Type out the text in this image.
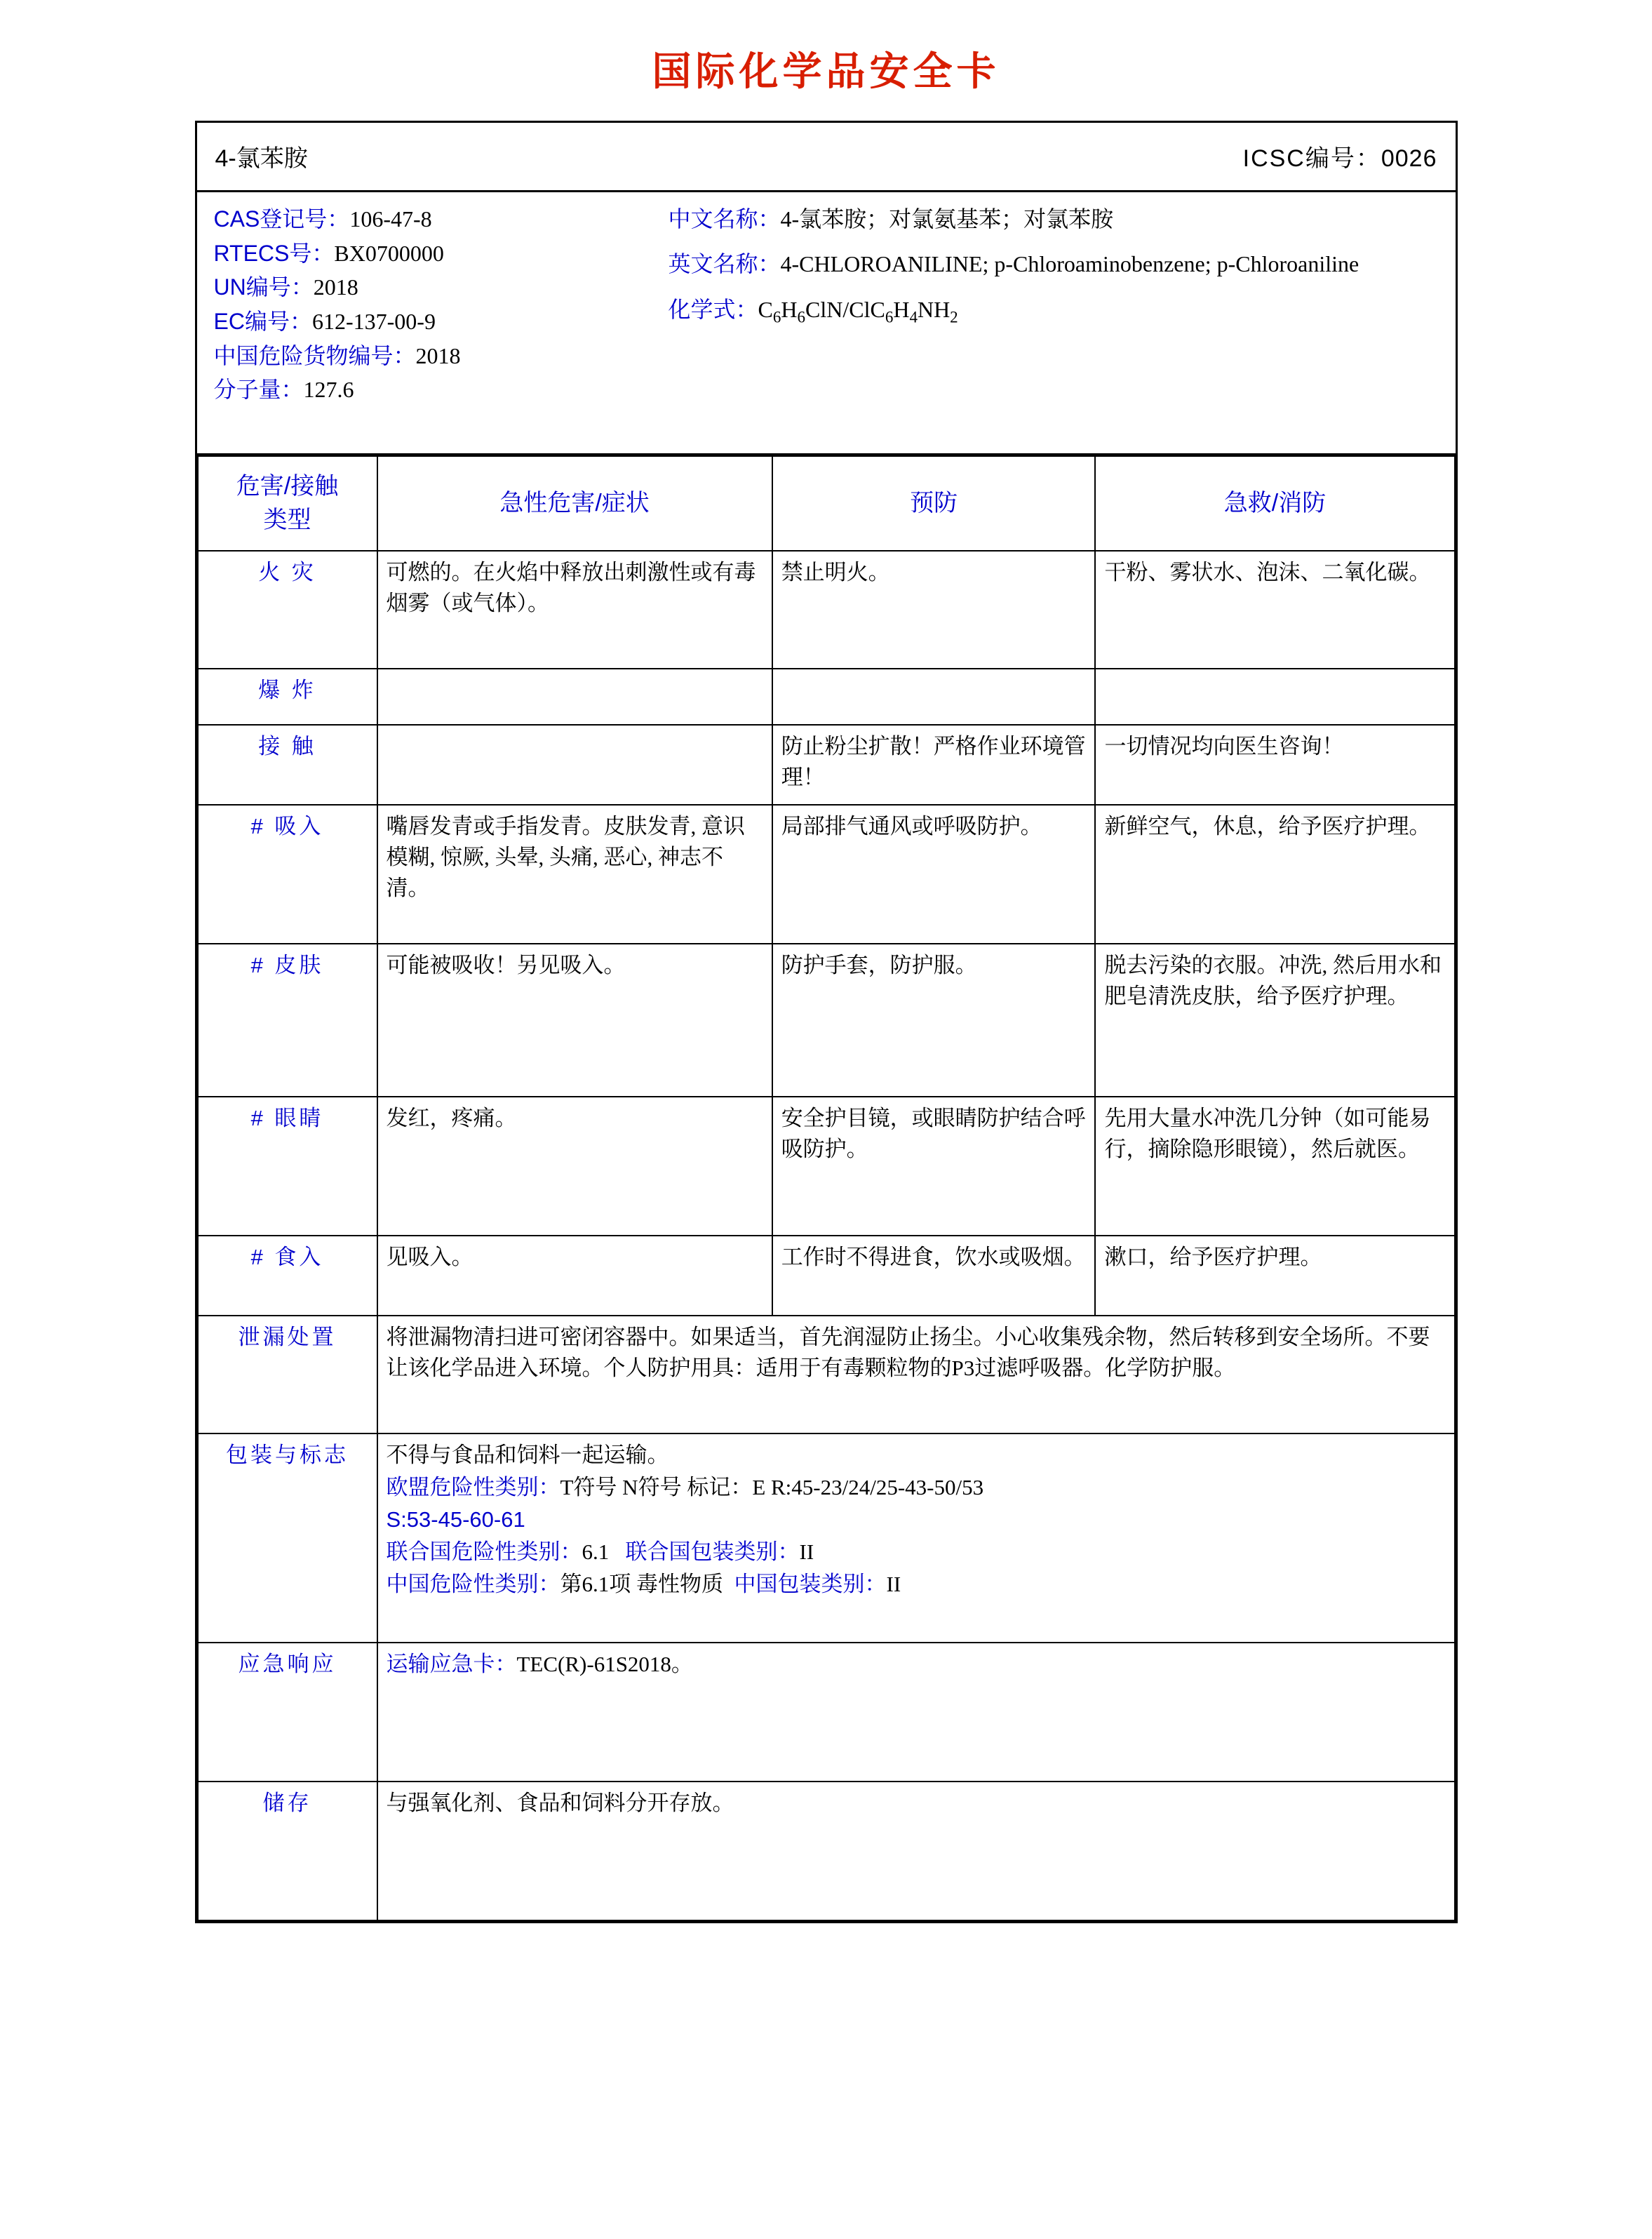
国际化学品安全卡
4-氯苯胺	ICSC编号：0026
CAS登记号：106-47-8
RTECS号：BX0700000
UN编号：2018
EC编号：612-137-00-9
中国危险货物编号：2018
分子量：127.6
中文名称：4-氯苯胺；对氯氨基苯；对氯苯胺
英文名称：4-CHLOROANILINE; p-Chloroaminobenzene; p-Chloroaniline
化学式：$C_6H_6ClN/ClC_6H_4NH_2$
危害/接触
类型	急性危害/症状	预防	急救/消防
火 灾	可燃的。在火焰中释放出刺激性或有毒烟雾（或气体）。	禁止明火。	干粉、雾状水、泡沫、二氧化碳。
爆 炸			
接 触		防止粉尘扩散！严格作业环境管理！	一切情况均向医生咨询！
# 吸入	嘴唇发青或手指发青。皮肤发青, 意识模糊, 惊厥, 头晕, 头痛, 恶心, 神志不清。	局部排气通风或呼吸防护。	新鲜空气，休息，给予医疗护理。
# 皮肤	可能被吸收！另见吸入。	防护手套，防护服。	脱去污染的衣服。冲洗, 然后用水和肥皂清洗皮肤，给予医疗护理。
# 眼睛	发红，疼痛。	安全护目镜，或眼睛防护结合呼吸防护。	先用大量水冲洗几分钟（如可能易行，摘除隐形眼镜），然后就医。
# 食入	见吸入。	工作时不得进食，饮水或吸烟。	漱口，给予医疗护理。
泄漏处置	将泄漏物清扫进可密闭容器中。如果适当，首先润湿防止扬尘。小心收集残余物，然后转移到安全场所。不要让该化学品进入环境。个人防护用具：适用于有毒颗粒物的P3过滤呼吸器。化学防护服。		
包装与标志	不得与食品和饲料一起运输。
欧盟危险性类别：T符号 N符号 标记：E R:45-23/24/25-43-50/53
S:53-45-60-61
联合国危险性类别：6.1 联合国包装类别：II
中国危险性类别：第6.1项 毒性物质 中国包装类别：II		

应急响应	运输应急卡：TEC(R)-61S2018。		
储存	与强氧化剂、食品和饲料分开存放。		
